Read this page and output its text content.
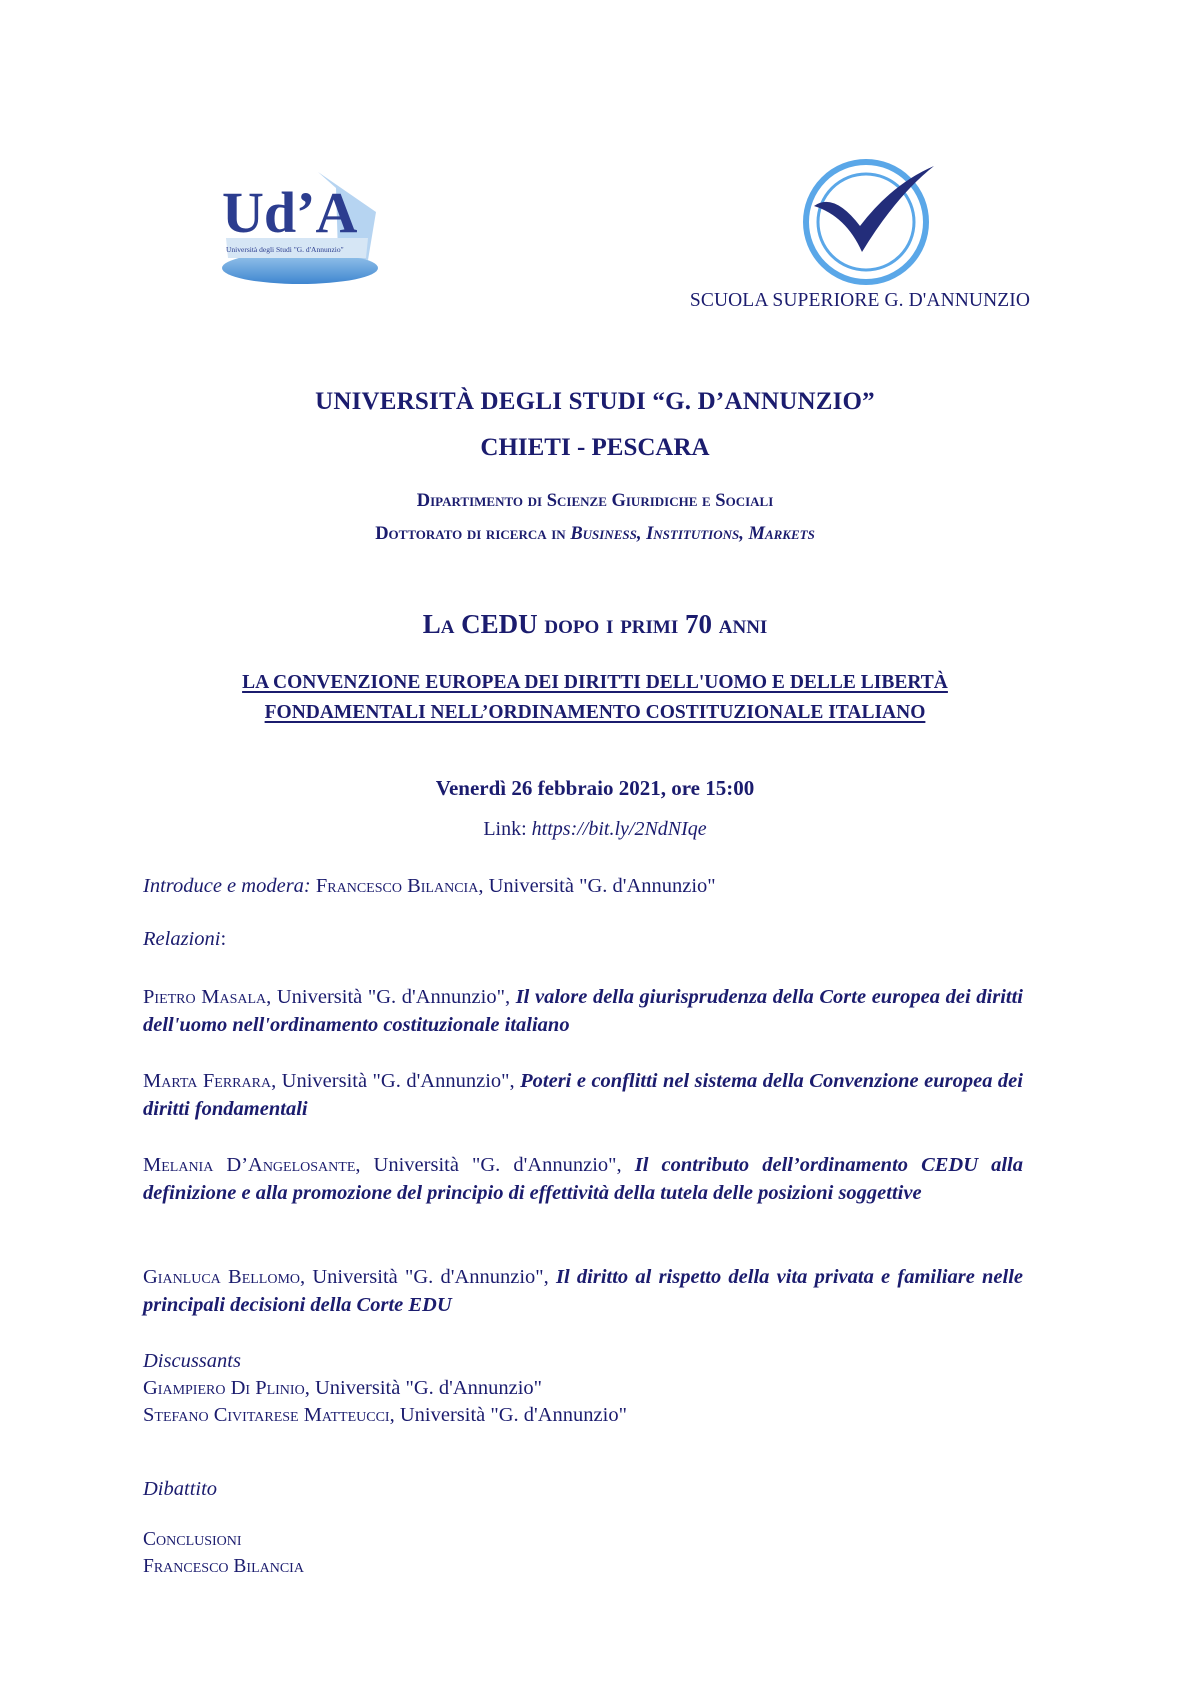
Ud’A
Università degli Studi "G. d'Annunzio"
SCUOLA SUPERIORE G. D'ANNUNZIO
UNIVERSITÀ DEGLI STUDI “G. D’ANNUNZIO”
CHIETI - PESCARA
Dipartimento di Scienze Giuridiche e Sociali
Dottorato di ricerca in Business, Institutions, Markets
La CEDU dopo i primi 70 anni
LA CONVENZIONE EUROPEA DEI DIRITTI DELL'UOMO E DELLE LIBERTÀ
FONDAMENTALI NELL’ORDINAMENTO COSTITUZIONALE ITALIANO
Venerdì 26 febbraio 2021, ore 15:00
Link: https://bit.ly/2NdNIqe
Introduce e modera: Francesco Bilancia, Università "G. d'Annunzio"
Relazioni:
Pietro Masala, Università "G. d'Annunzio", Il valore della giurisprudenza della Corte europea dei diritti dell'uomo nell'ordinamento costituzionale italiano
Marta Ferrara, Università "G. d'Annunzio", Poteri e conflitti nel sistema della Convenzione europea dei diritti fondamentali
Melania D’Angelosante, Università "G. d'Annunzio", Il contributo dell’ordinamento CEDU alla definizione e alla promozione del principio di effettività della tutela delle posizioni soggettive
Gianluca Bellomo, Università "G. d'Annunzio", Il diritto al rispetto della vita privata e familiare nelle principali decisioni della Corte EDU
Discussants
Giampiero Di Plinio, Università "G. d'Annunzio"
Stefano Civitarese Matteucci, Università "G. d'Annunzio"
Dibattito
Conclusioni
Francesco Bilancia
